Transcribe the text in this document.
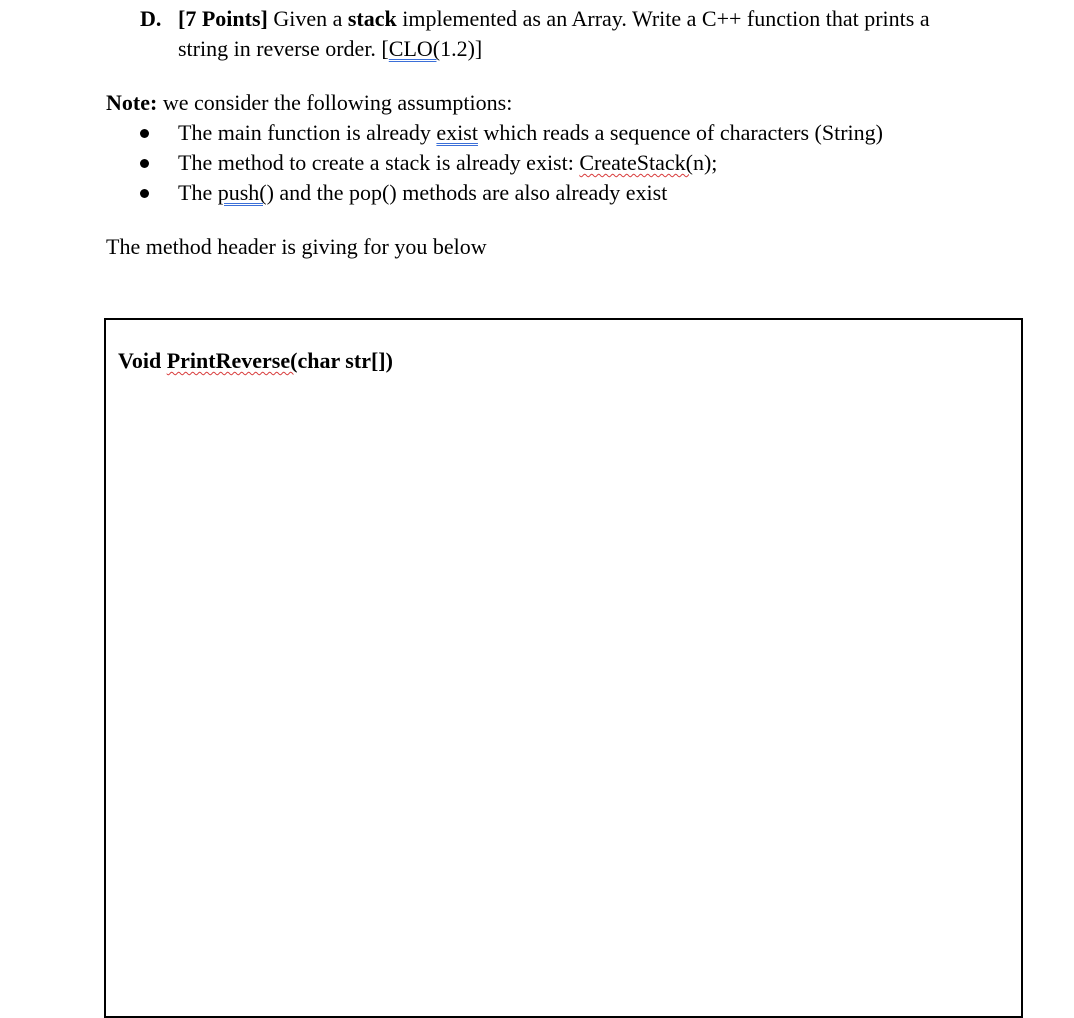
D. [7 Points] Given a stack implemented as an Array. Write a C++ function that prints a
string in reverse order. [CLO(1.2)]
Note: we consider the following assumptions:
The main function is already exist which reads a sequence of characters (String)
The method to create a stack is already exist: CreateStack(n);
The push() and the pop() methods are also already exist
The method header is giving for you below
Void PrintReverse(char str[])
